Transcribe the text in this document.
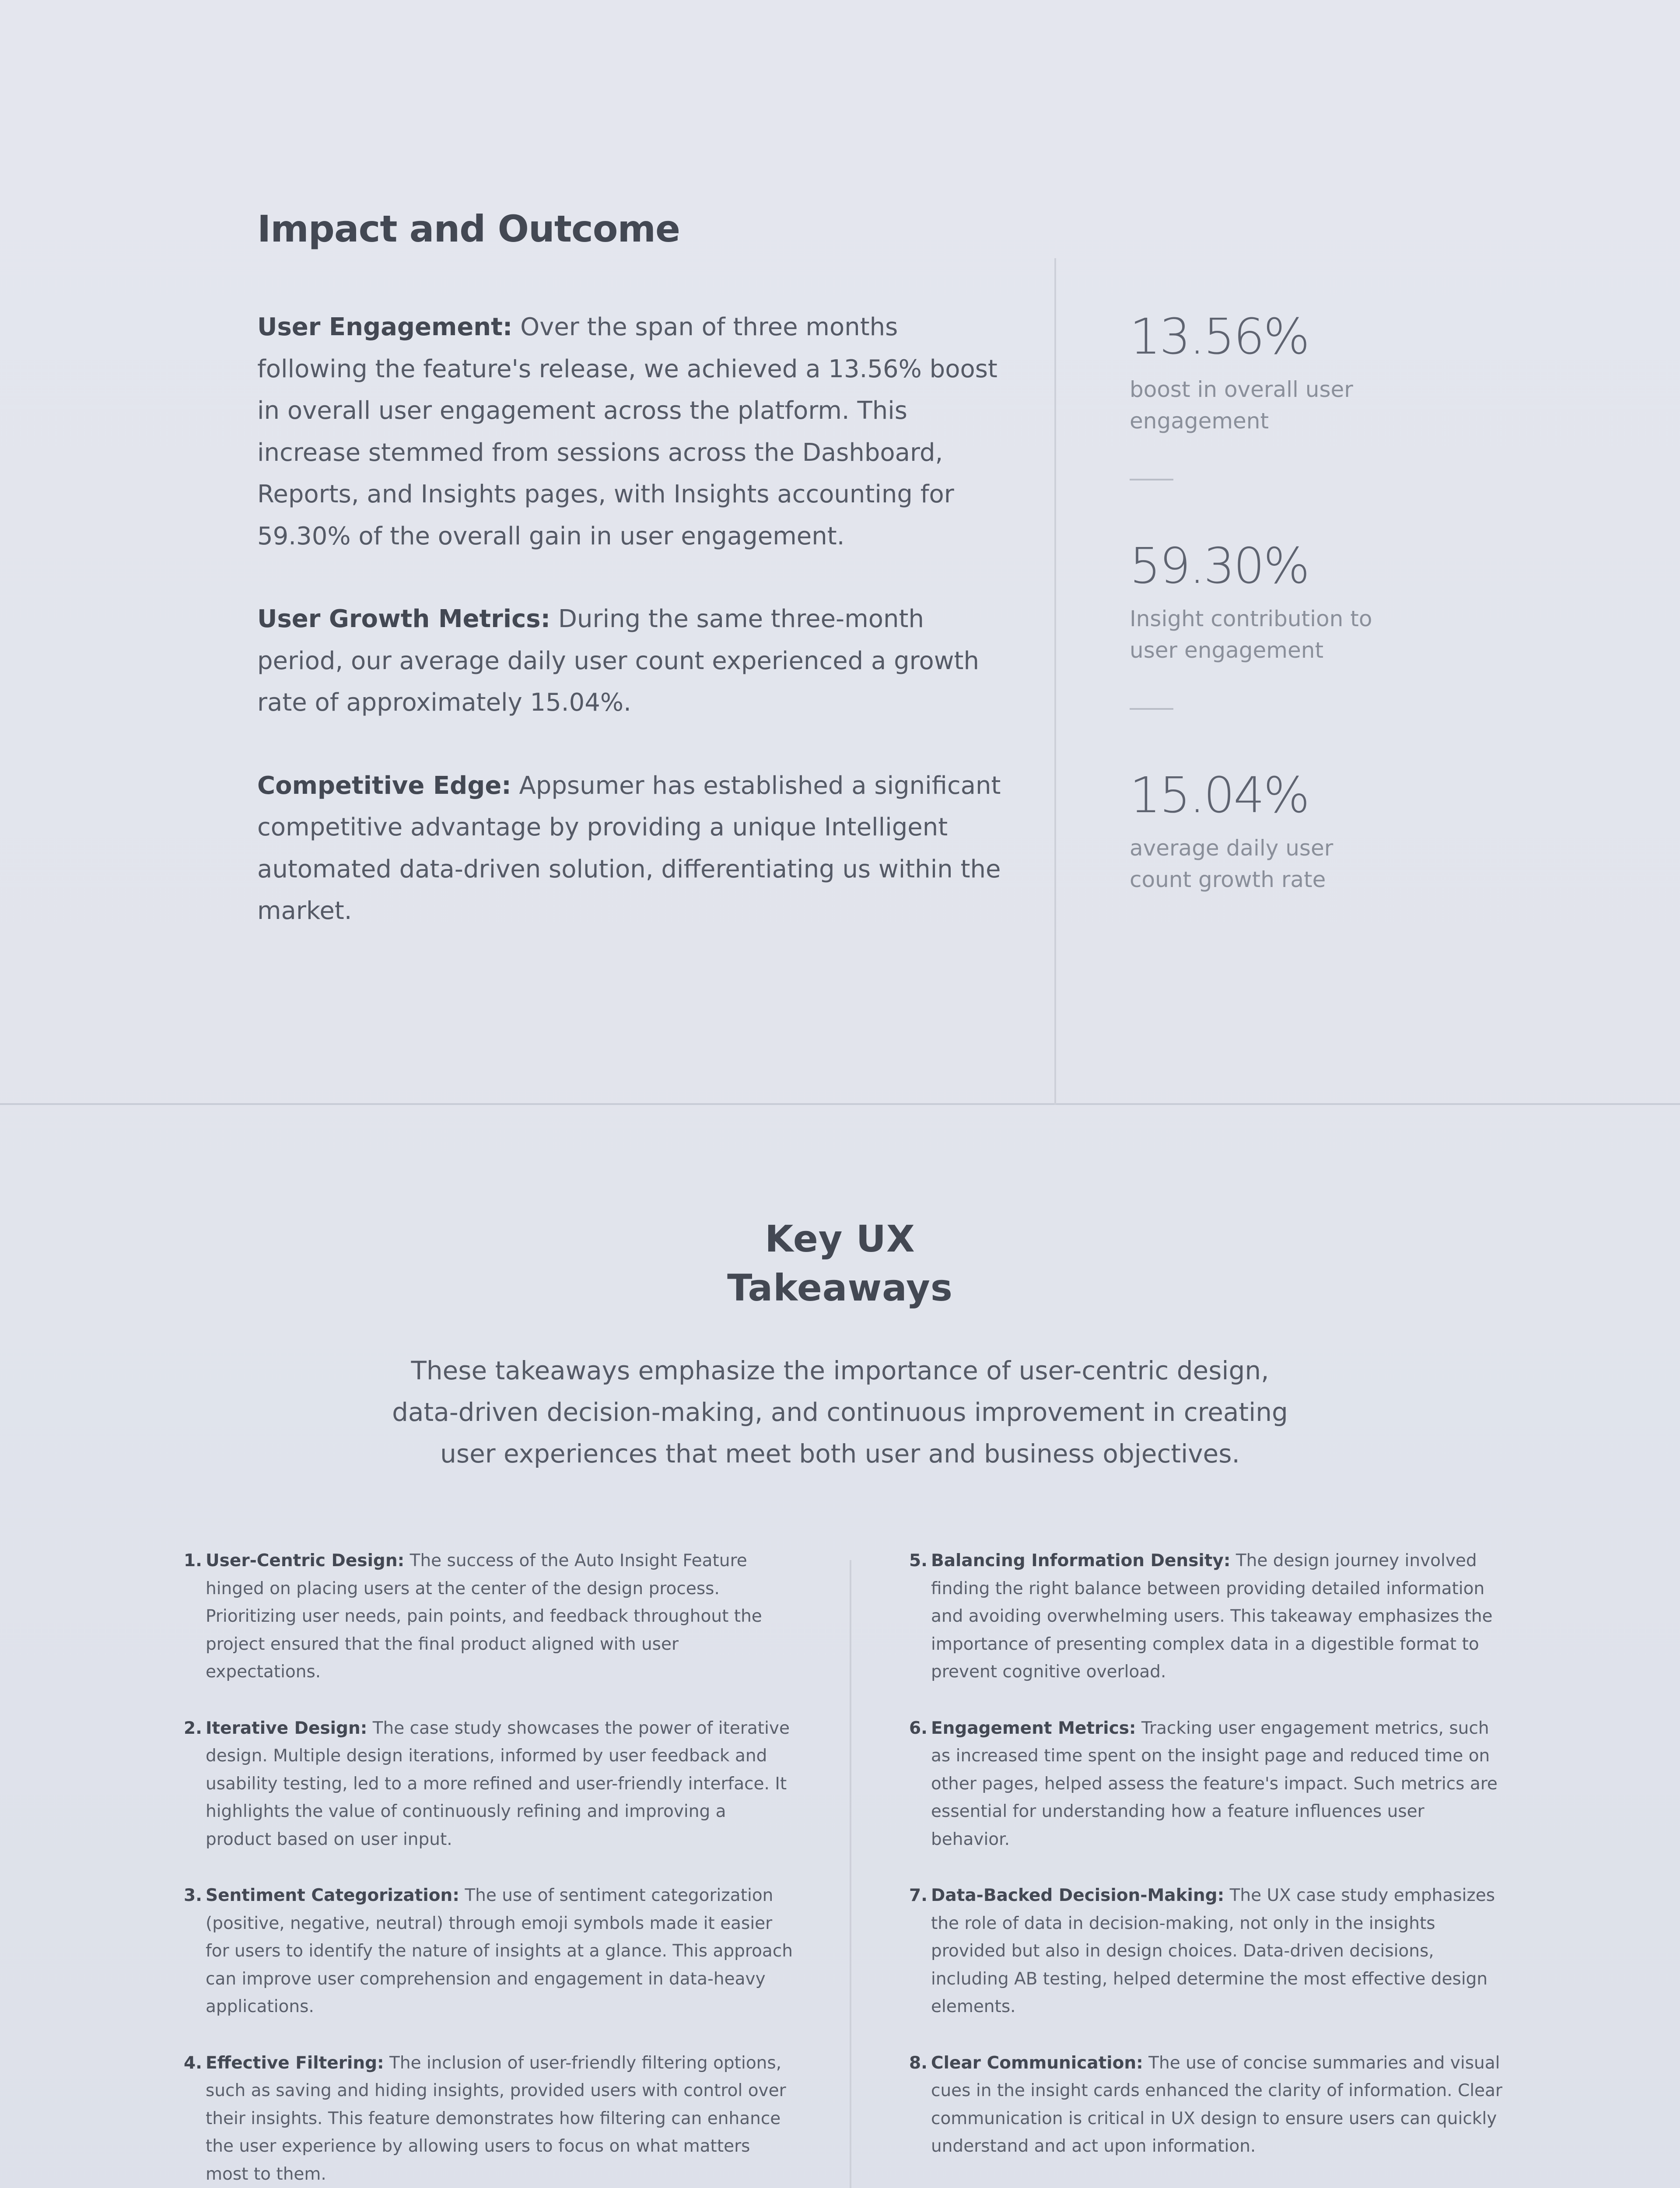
Impact and Outcome

User Engagement: Over the span of three months following the feature's release, we achieved a 13.56% boost in overall user engagement across the platform. This increase stemmed from sessions across the Dashboard, Reports, and Insights pages, with Insights accounting for 59.30% of the overall gain in user engagement.

User Growth Metrics: During the same three-month period, our average daily user count experienced a growth rate of approximately 15.04%.

Competitive Edge: Appsumer has established a significant competitive advantage by providing a unique Intelligent automated data-driven solution, differentiating us within the market.

13.56%

boost in overall user engagement

59.30%

Insight contribution to user engagement

15.04%

average daily user count growth rate

Key UX
Takeaways

These takeaways emphasize the importance of user-centric design, data-driven decision-making, and continuous improvement in creating user experiences that meet both user and business objectives.

1. User-Centric Design: The success of the Auto Insight Feature hinged on placing users at the center of the design process. Prioritizing user needs, pain points, and feedback throughout the project ensured that the final product aligned with user expectations.
2. Iterative Design: The case study showcases the power of iterative design. Multiple design iterations, informed by user feedback and usability testing, led to a more refined and user-friendly interface. It highlights the value of continuously refining and improving a product based on user input.
3. Sentiment Categorization: The use of sentiment categorization (positive, negative, neutral) through emoji symbols made it easier for users to identify the nature of insights at a glance. This approach can improve user comprehension and engagement in data-heavy applications.
4. Effective Filtering: The inclusion of user-friendly filtering options, such as saving and hiding insights, provided users with control over their insights. This feature demonstrates how filtering can enhance the user experience by allowing users to focus on what matters most to them.
5. Balancing Information Density: The design journey involved finding the right balance between providing detailed information and avoiding overwhelming users. This takeaway emphasizes the importance of presenting complex data in a digestible format to prevent cognitive overload.
6. Engagement Metrics: Tracking user engagement metrics, such as increased time spent on the insight page and reduced time on other pages, helped assess the feature's impact. Such metrics are essential for understanding how a feature influences user behavior.
7. Data-Backed Decision-Making: The UX case study emphasizes the role of data in decision-making, not only in the insights provided but also in design choices. Data-driven decisions, including AB testing, helped determine the most effective design elements.
8. Clear Communication: The use of concise summaries and visual cues in the insight cards enhanced the clarity of information. Clear communication is critical in UX design to ensure users can quickly understand and act upon information.
